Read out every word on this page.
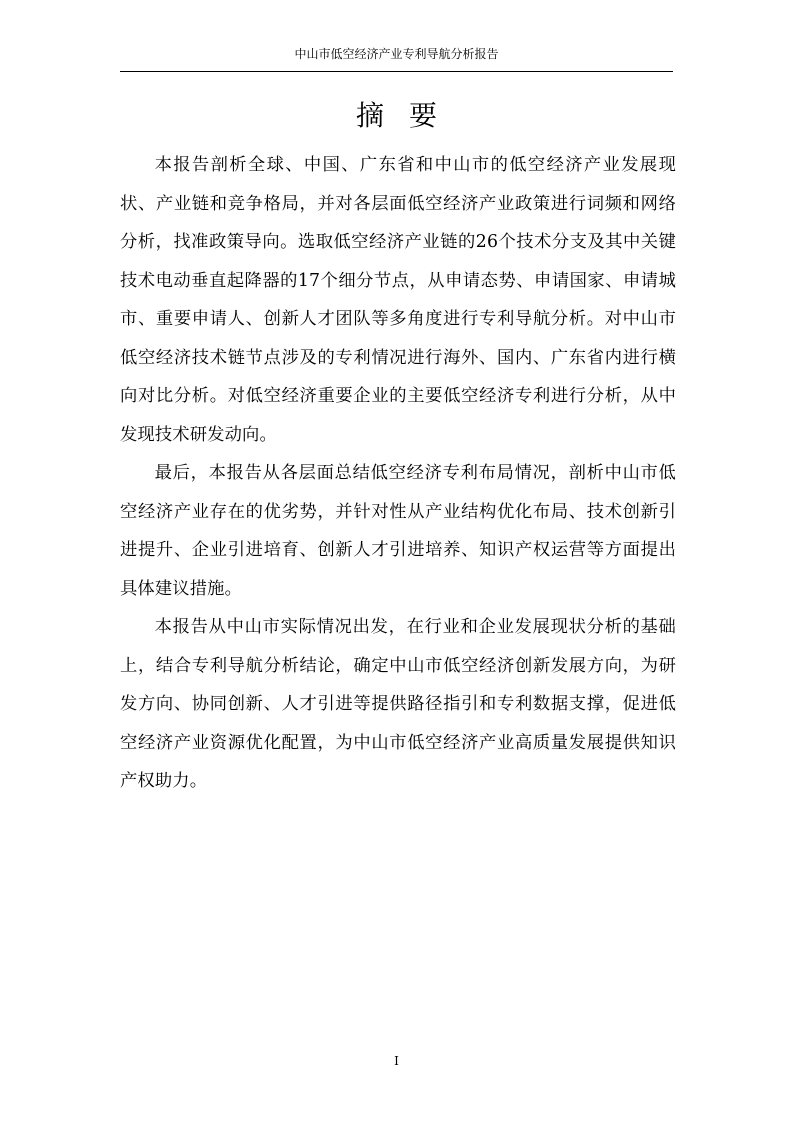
中山市低空经济产业专利导航分析报告
摘 要

本报告剖析全球、中国、广东省和中山市的低空经济产业发展现状、产业链和竞争格局，并对各层面低空经济产业政策进行词频和网络分析，找准政策导向。选取低空经济产业链的26个技术分支及其中关键技术电动垂直起降器的17个细分节点，从申请态势、申请国家、申请城市、重要申请人、创新人才团队等多角度进行专利导航分析。对中山市低空经济技术链节点涉及的专利情况进行海外、国内、广东省内进行横向对比分析。对低空经济重要企业的主要低空经济专利进行分析，从中发现技术研发动向。

最后，本报告从各层面总结低空经济专利布局情况，剖析中山市低空经济产业存在的优劣势，并针对性从产业结构优化布局、技术创新引进提升、企业引进培育、创新人才引进培养、知识产权运营等方面提出具体建议措施。

本报告从中山市实际情况出发，在行业和企业发展现状分析的基础上，结合专利导航分析结论，确定中山市低空经济创新发展方向，为研发方向、协同创新、人才引进等提供路径指引和专利数据支撑，促进低空经济产业资源优化配置，为中山市低空经济产业高质量发展提供知识产权助力。

I
